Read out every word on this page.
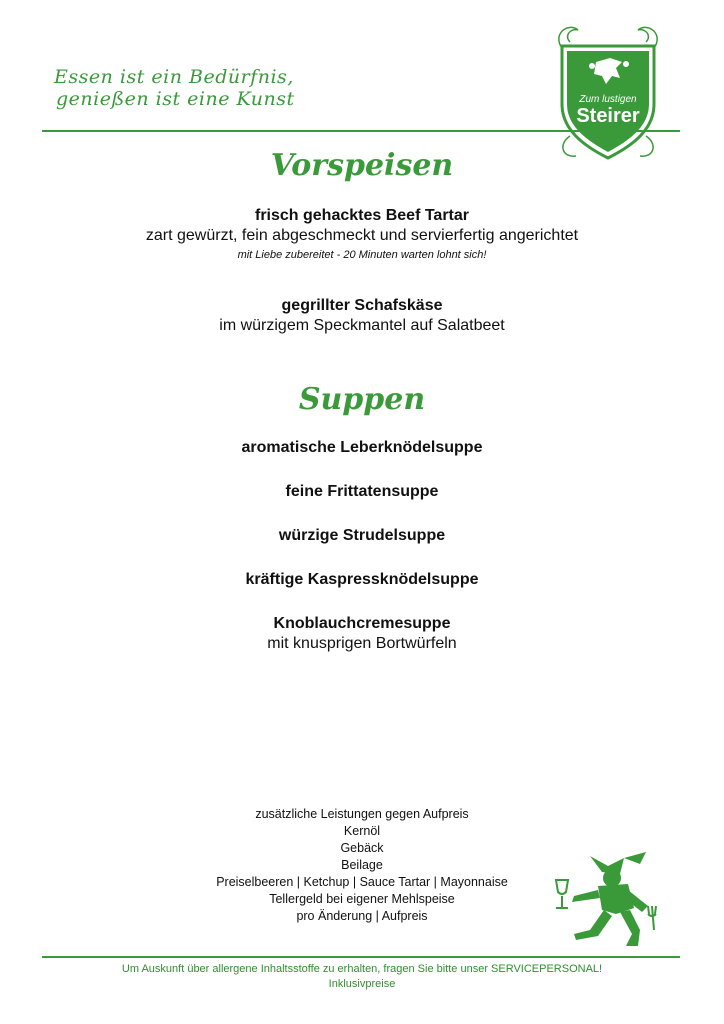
Essen ist ein Bedürfnis,
genießen ist eine Kunst	Zum lustigen
Steirer
Vorspeisen
frisch gehacktes Beef Tartar
zart gewürzt, fein abgeschmeckt und servierfertig angerichtet
mit Liebe zubereitet - 20 Minuten warten lohnt sich!
gegrillter Schafskäse
im würzigem Speckmantel auf Salatbeet
Suppen
aromatische Leberknödelsuppe
feine Frittatensuppe
würzige Strudelsuppe
kräftige Kaspressknödelsuppe
Knoblauchcremesuppe
mit knusprigen Bortwürfeln
zusätzliche Leistungen gegen Aufpreis
Kernöl
Gebäck
Beilage
Preiselbeeren | Ketchup | Sauce Tartar | Mayonnaise
Tellergeld bei eigener Mehlspeise
pro Änderung | Aufpreis
Um Auskunft über allergene Inhaltsstoffe zu erhalten, fragen Sie bitte unser SERVICEPERSONAL!
Inklusivpreise
